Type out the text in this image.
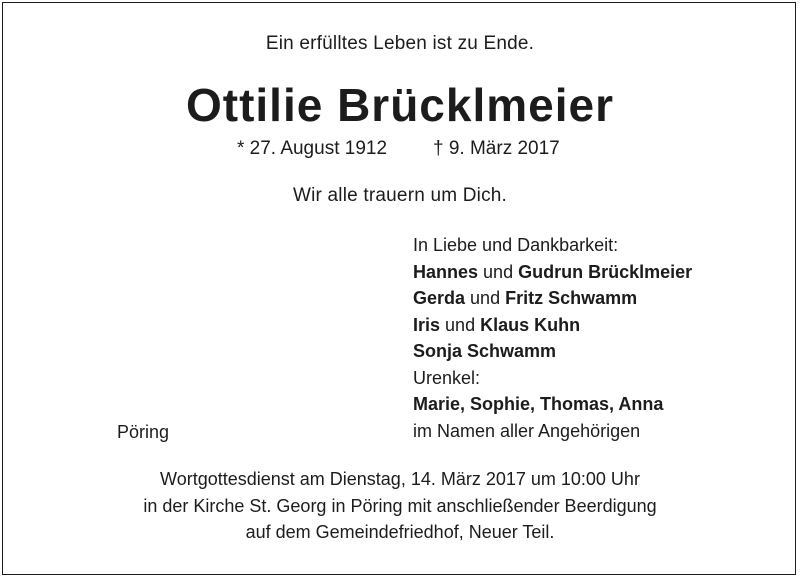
Ein erfülltes Leben ist zu Ende.
Ottilie Brücklmeier
* 27. August 1912 † 9. März 2017
Wir alle trauern um Dich.
In Liebe und Dankbarkeit:
Hannes und Gudrun Brücklmeier
Gerda und Fritz Schwamm
Iris und Klaus Kuhn
Sonja Schwamm
Urenkel:
Marie, Sophie, Thomas, Anna
im Namen aller Angehörigen
Pöring
Wortgottesdienst am Dienstag, 14. März 2017 um 10:00 Uhr
in der Kirche St. Georg in Pöring mit anschließender Beerdigung
auf dem Gemeindefriedhof, Neuer Teil.
